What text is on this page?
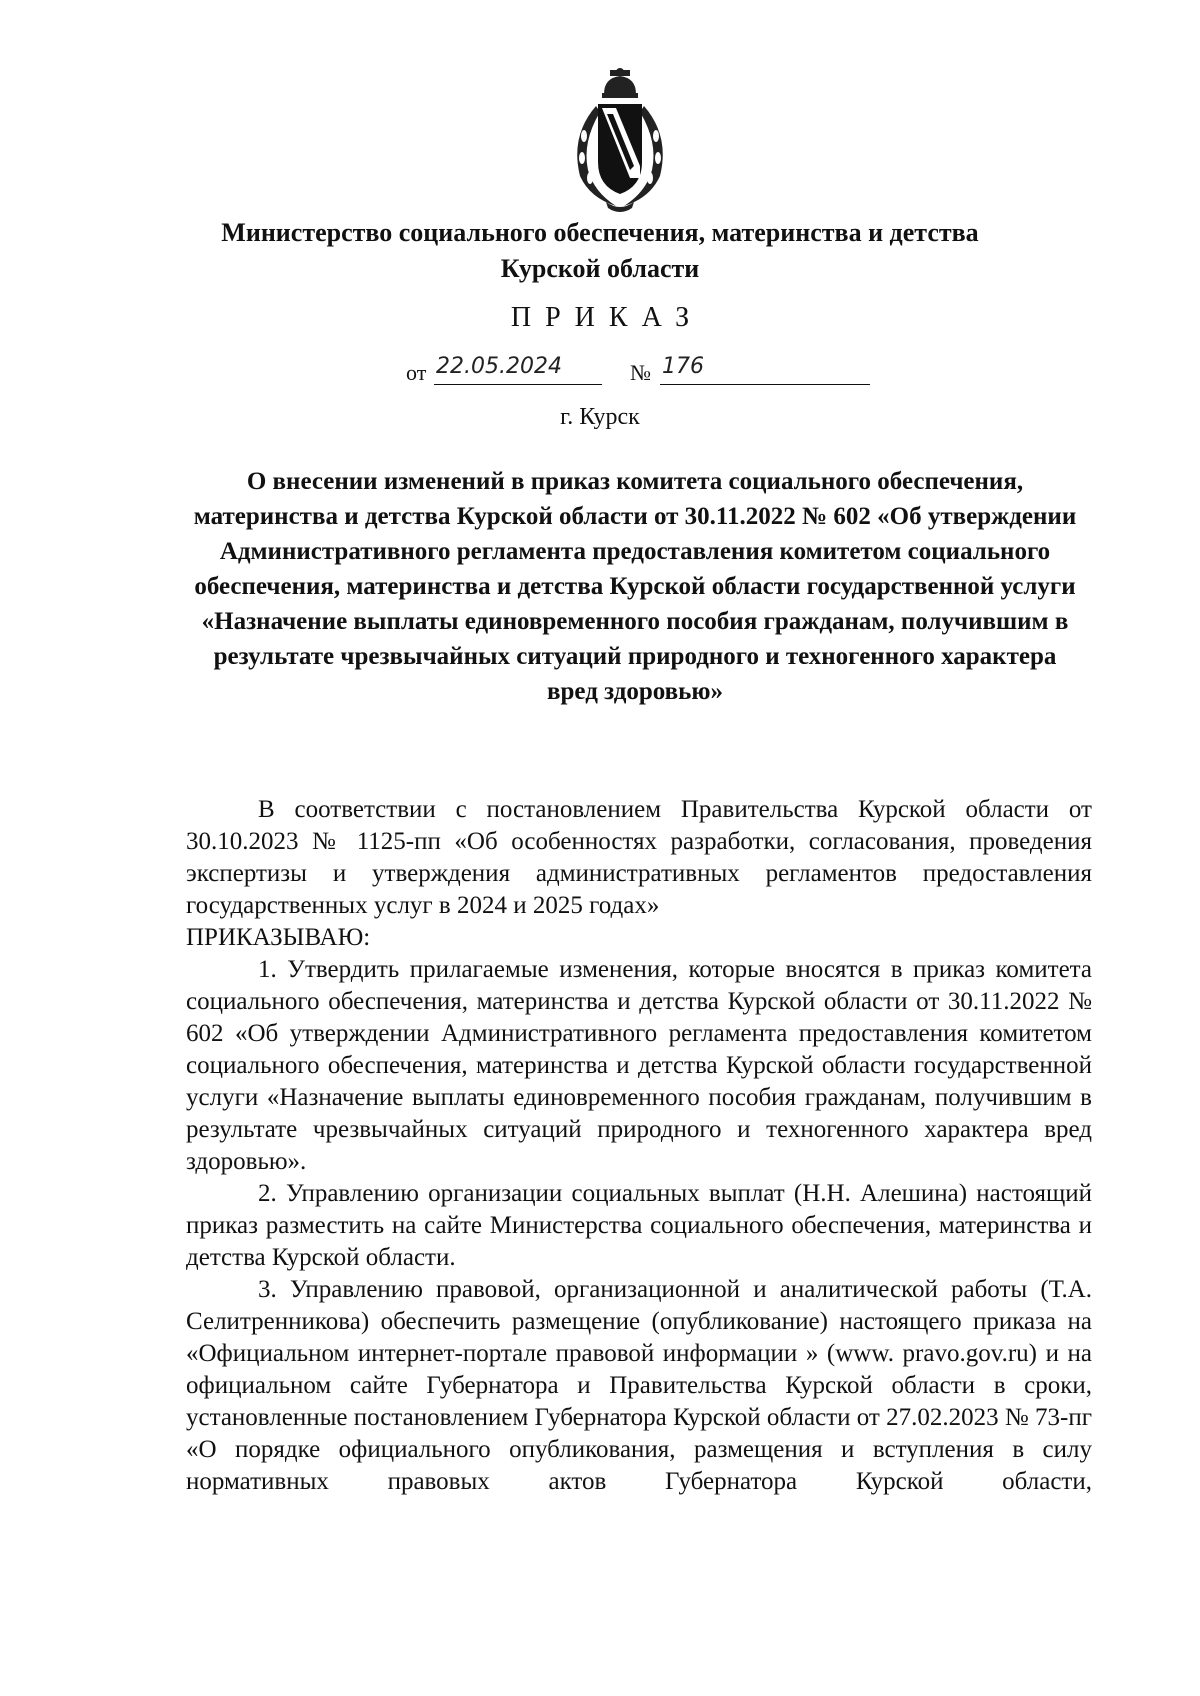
Министерство социального обеспечения, материнства и детства
Курской области
ПРИКАЗ
от 22.05.2024	№ 176
г. Курск
О внесении изменений в приказ комитета социального обеспечения, материнства и детства Курской области от 30.11.2022 № 602 «Об утверждении Административного регламента предоставления комитетом социального обеспечения, материнства и детства Курской области государственной услуги «Назначение выплаты единовременного пособия гражданам, получившим в результате чрезвычайных ситуаций природного и техногенного характера вред здоровью»

В соответствии с постановлением Правительства Курской области от 30.10.2023 № 1125-пп «Об особенностях разработки, согласования, проведения экспертизы и утверждения административных регламентов предоставления государственных услуг в 2024 и 2025 годах»

ПРИКАЗЫВАЮ:

1. Утвердить прилагаемые изменения, которые вносятся в приказ комитета социального обеспечения, материнства и детства Курской области от 30.11.2022 № 602 «Об утверждении Административного регламента предоставления комитетом социального обеспечения, материнства и детства Курской области государственной услуги «Назначение выплаты единовременного пособия гражданам, получившим в результате чрезвычайных ситуаций природного и техногенного характера вред здоровью».

2. Управлению организации социальных выплат (Н.Н. Алешина) настоящий приказ разместить на сайте Министерства социального обеспечения, материнства и детства Курской области.

3. Управлению правовой, организационной и аналитической работы (Т.А. Селитренникова) обеспечить размещение (опубликование) настоящего приказа на «Официальном интернет-портале правовой информации » (www. pravo.gov.ru) и на официальном сайте Губернатора и Правительства Курской области в сроки, установленные постановлением Губернатора Курской области от 27.02.2023 № 73-пг «О порядке официального опубликования, размещения и вступления в силу нормативных правовых актов Губернатора Курской области,
